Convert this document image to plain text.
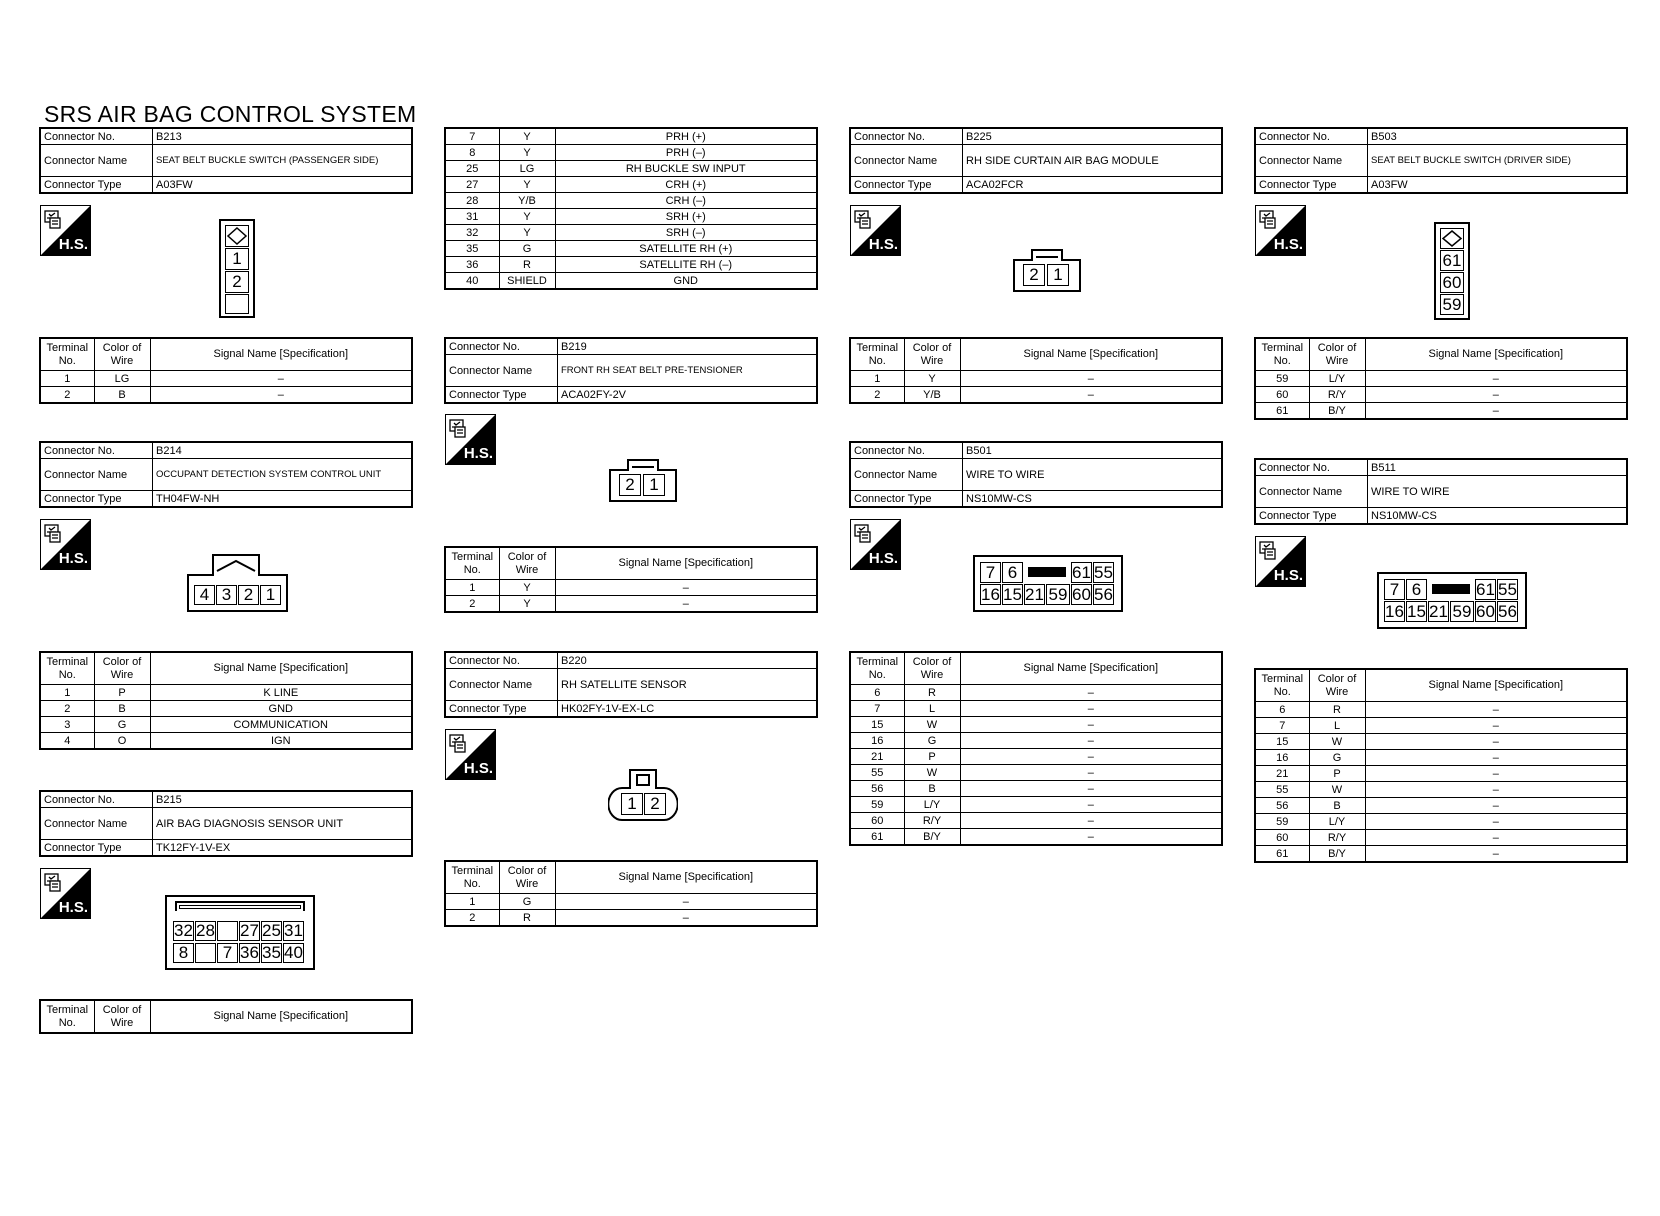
SRS AIR BAG CONTROL SYSTEM
Connector No.	B213
Connector Name	SEAT BELT BUCKLE SWITCH (PASSENGER SIDE)
Connector Type	A03FW
H.S.
1
2
Terminal No.	Color of Wire	Signal Name [Specification]
1	LG	–
2	B	–
Connector No.	B214
Connector Name	OCCUPANT DETECTION SYSTEM CONTROL UNIT
Connector Type	TH04FW-NH
H.S.
4 3 2 1
Terminal No.	Color of Wire	Signal Name [Specification]
1	P	K LINE
2	B	GND
3	G	COMMUNICATION
4	O	IGN
Connector No.	B215
Connector Name	AIR BAG DIAGNOSIS SENSOR UNIT
Connector Type	TK12FY-1V-EX
H.S.
32 28 27 25 31
8	7 36 35 40
Terminal No.	Color of Wire	Signal Name [Specification]
7	Y	PRH (+)
8	Y	PRH (–)
25	LG	RH BUCKLE SW INPUT
27	Y	CRH (+)
28	Y/B	CRH (–)
31	Y	SRH (+)
32	Y	SRH (–)
35	G	SATELLITE RH (+)
36	R	SATELLITE RH (–)
40	SHIELD	GND
Connector No.	B219
Connector Name	FRONT RH SEAT BELT PRE-TENSIONER
Connector Type	ACA02FY-2V
H.S.
2 1
Terminal No.	Color of Wire	Signal Name [Specification]
1	Y	–
2	Y	–
Connector No.	B220
Connector Name	RH SATELLITE SENSOR
Connector Type	HK02FY-1V-EX-LC
H.S.
1 2
Terminal No.	Color of Wire	Signal Name [Specification]
1	G	–
2	R	–
Connector No.	B225
Connector Name	RH SIDE CURTAIN AIR BAG MODULE
Connector Type	ACA02FCR
H.S.
2 1
Terminal No.	Color of Wire	Signal Name [Specification]
1	Y	–
2	Y/B	–
Connector No.	B501
Connector Name	WIRE TO WIRE
Connector Type	NS10MW-CS
H.S.
7 6	61 55
16 15 21 59 60 56
Terminal No.	Color of Wire	Signal Name [Specification]
6	R	–
7	L	–
15	W	–
16	G	–
21	P	–
55	W	–
56	B	–
59	L/Y	–
60	R/Y	–
61	B/Y	–
Connector No.	B503
Connector Name	SEAT BELT BUCKLE SWITCH (DRIVER SIDE)
Connector Type	A03FW
H.S.
61
60
59
Terminal No.	Color of Wire	Signal Name [Specification]
59	L/Y	–
60	R/Y	–
61	B/Y	–
Connector No.	B511
Connector Name	WIRE TO WIRE
Connector Type	NS10MW-CS
H.S.
7 6	61 55
16 15 21 59 60 56
Terminal No.	Color of Wire	Signal Name [Specification]
6	R	–
7	L	–
15	W	–
16	G	–
21	P	–
55	W	–
56	B	–
59	L/Y	–
60	R/Y	–
61	B/Y	–
